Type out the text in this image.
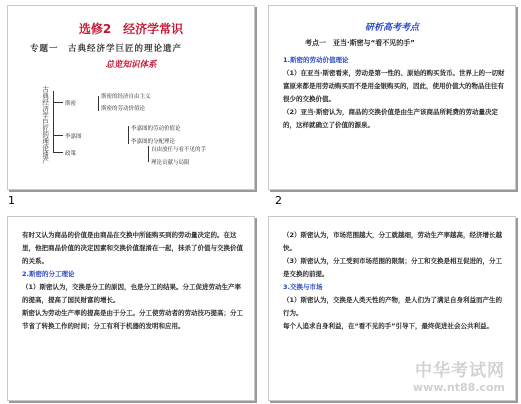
选修2　经济学常识
专题一　古典经济学巨匠的理论遗产
总览知识体系
古典经济学巨匠的理论遗产	斯密
李嘉图
政策
斯密的经济自由主义
斯密的劳动价值论
李嘉图的劳动价值论
李嘉图的分配理论
自由放任与看不见的手
理论贡献与局限
研析高考考点
考点一　亚当·斯密与“看不见的手”

1.斯密的劳动价值理论

（1）在亚当·斯密看来，劳动是第一性的、原始的购买货币。世界上的一切财富原来都是用劳动购买而不是用金银购买的，因此，使用价值大的物品往往有很少的交换价值。

（2）亚当·斯密认为，商品的交换价值是由生产该商品所耗费的劳动量决定的，这样就确立了价值的源泉。

有时又认为商品的价值是由商品在交换中所能购买到的劳动量决定的。在这里，他把商品价值的决定因素和交换价值混淆在一起，抹杀了价值与交换价值的关系。

2.斯密的分工理论

（1）斯密认为，交换是分工的原因，也是分工的结果。分工促进劳动生产率的提高，提高了国民财富的增长。

斯密认为劳动生产率的提高是由于分工。分工使劳动者的劳动技巧提高；分工节省了转换工作的时间；分工有利于机器的发明和应用。

（2）斯密认为，市场范围越大，分工就越细，劳动生产率越高，经济增长越快。

（3）斯密认为，分工受到市场范围的限制；分工和交换是相互促进的，分工是交换的前提。

3.交换与市场

（1）斯密认为，交换是人类天性的产物，是人们为了满足自身利益而产生的行为。

每个人追求自身利益，在“看不见的手”引导下，最终促进社会公共利益。

中华考试网
www.nt88.com
1	2
